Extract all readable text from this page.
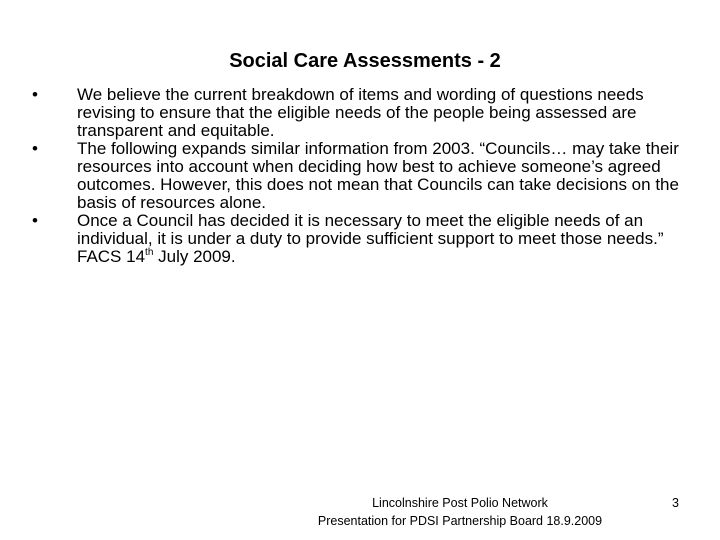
Social Care Assessments - 2
•	We believe the current breakdown of items and wording of questions needs revising to ensure that the eligible needs of the people being assessed are transparent and equitable.
•	The following expands similar information from 2003. “Councils… may take their resources into account when deciding how best to achieve someone’s agreed outcomes. However, this does not mean that Councils can take decisions on the basis of resources alone.
•	Once a Council has decided it is necessary to meet the eligible needs of an individual, it is under a duty to provide sufficient support to meet those needs.” FACS 14th July 2009.
Lincolnshire Post Polio Network
Presentation for PDSI Partnership Board 18.9.2009
3
